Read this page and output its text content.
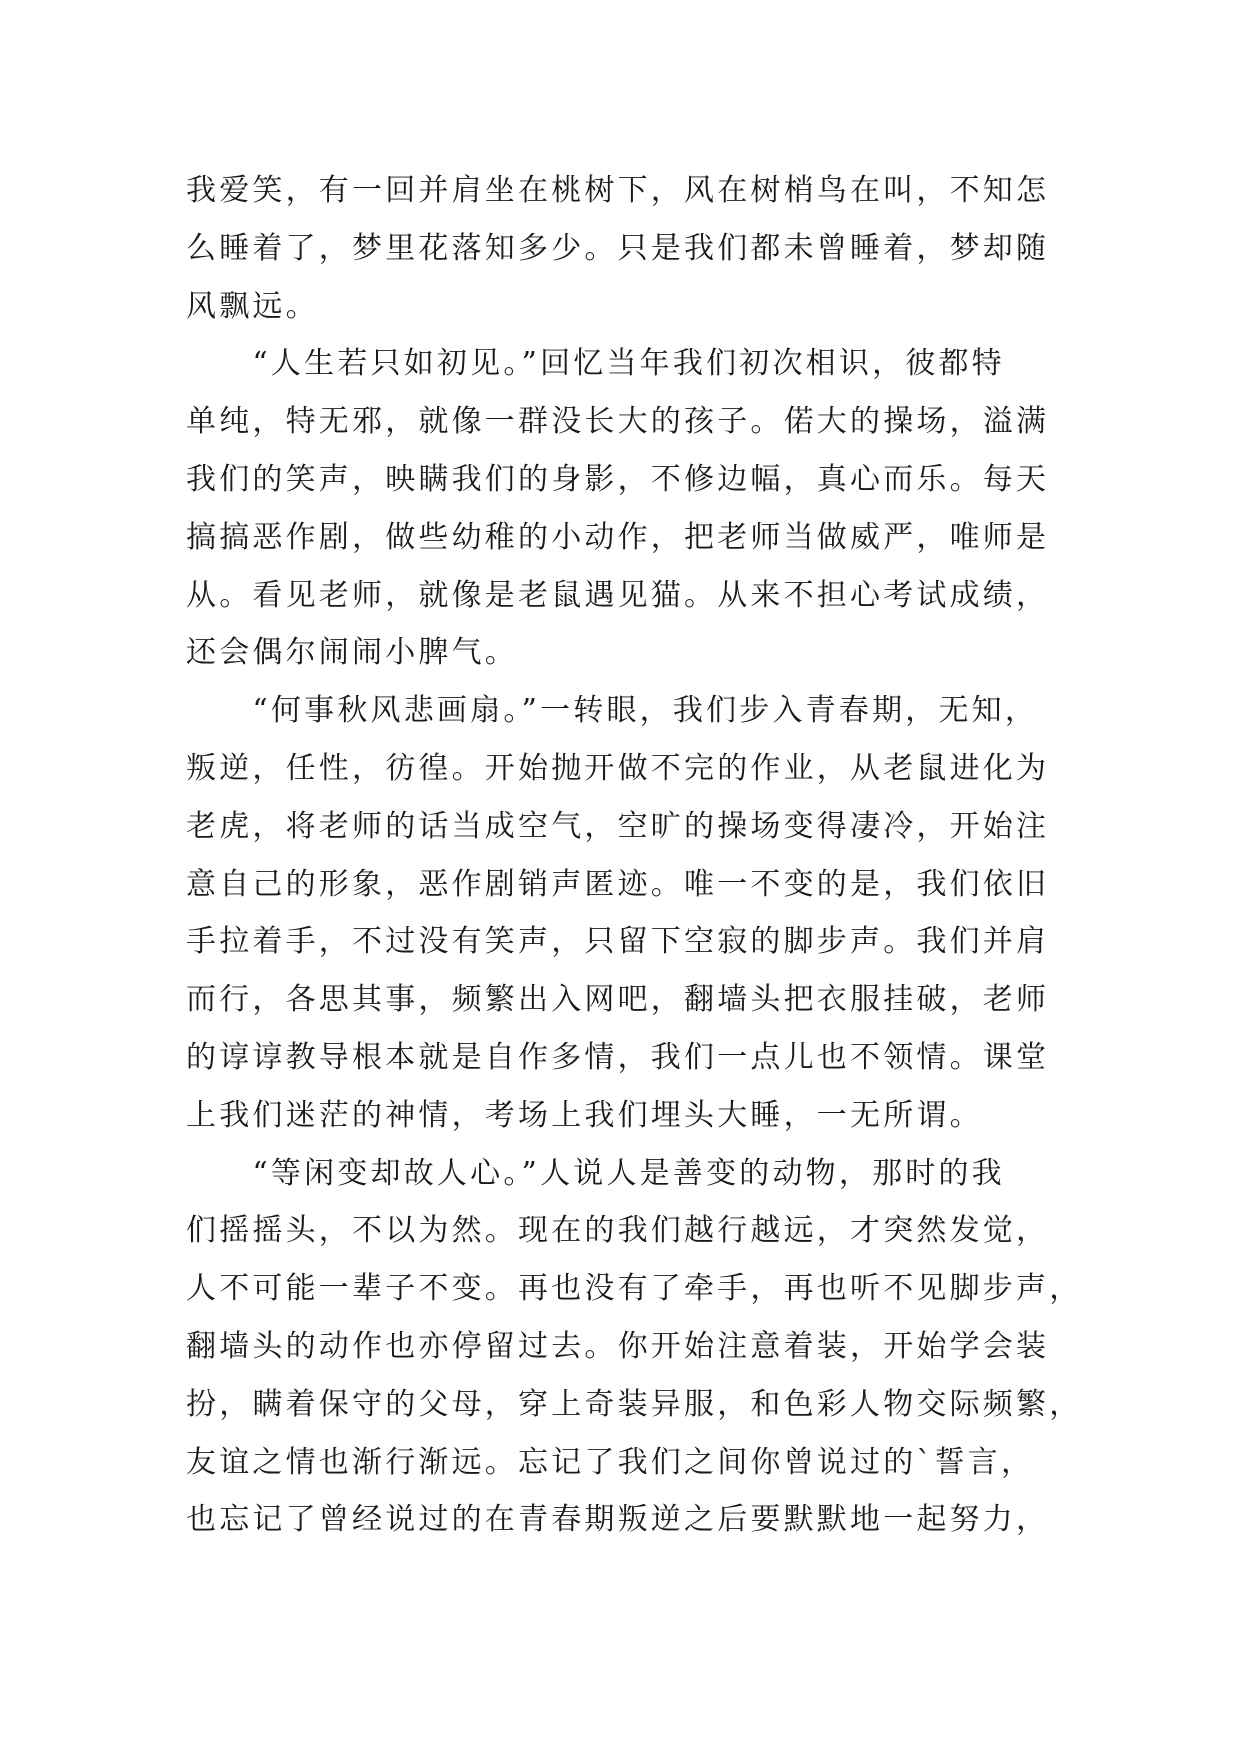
我爱笑，有一回并肩坐在桃树下，风在树梢鸟在叫，不知怎
么睡着了，梦里花落知多少。只是我们都未曾睡着，梦却随
风飘远。
　　“人生若只如初见。”回忆当年我们初次相识，彼都特
单纯，特无邪，就像一群没长大的孩子。偌大的操场，溢满
我们的笑声，映瞒我们的身影，不修边幅，真心而乐。每天
搞搞恶作剧，做些幼稚的小动作，把老师当做威严，唯师是
从。看见老师，就像是老鼠遇见猫。从来不担心考试成绩，
还会偶尔闹闹小脾气。
　　“何事秋风悲画扇。”一转眼，我们步入青春期，无知，
叛逆，任性，彷徨。开始抛开做不完的作业，从老鼠进化为
老虎，将老师的话当成空气，空旷的操场变得凄冷，开始注
意自己的形象，恶作剧销声匿迹。唯一不变的是，我们依旧
手拉着手，不过没有笑声，只留下空寂的脚步声。我们并肩
而行，各思其事，频繁出入网吧，翻墙头把衣服挂破，老师
的谆谆教导根本就是自作多情，我们一点儿也不领情。课堂
上我们迷茫的神情，考场上我们埋头大睡，一无所谓。
　　“等闲变却故人心。”人说人是善变的动物，那时的我
们摇摇头，不以为然。现在的我们越行越远，才突然发觉，
人不可能一辈子不变。再也没有了牵手，再也听不见脚步声，
翻墙头的动作也亦停留过去。你开始注意着装，开始学会装
扮，瞒着保守的父母，穿上奇装异服，和色彩人物交际频繁，
友谊之情也渐行渐远。忘记了我们之间你曾说过的`誓言，
也忘记了曾经说过的在青春期叛逆之后要默默地一起努力，
